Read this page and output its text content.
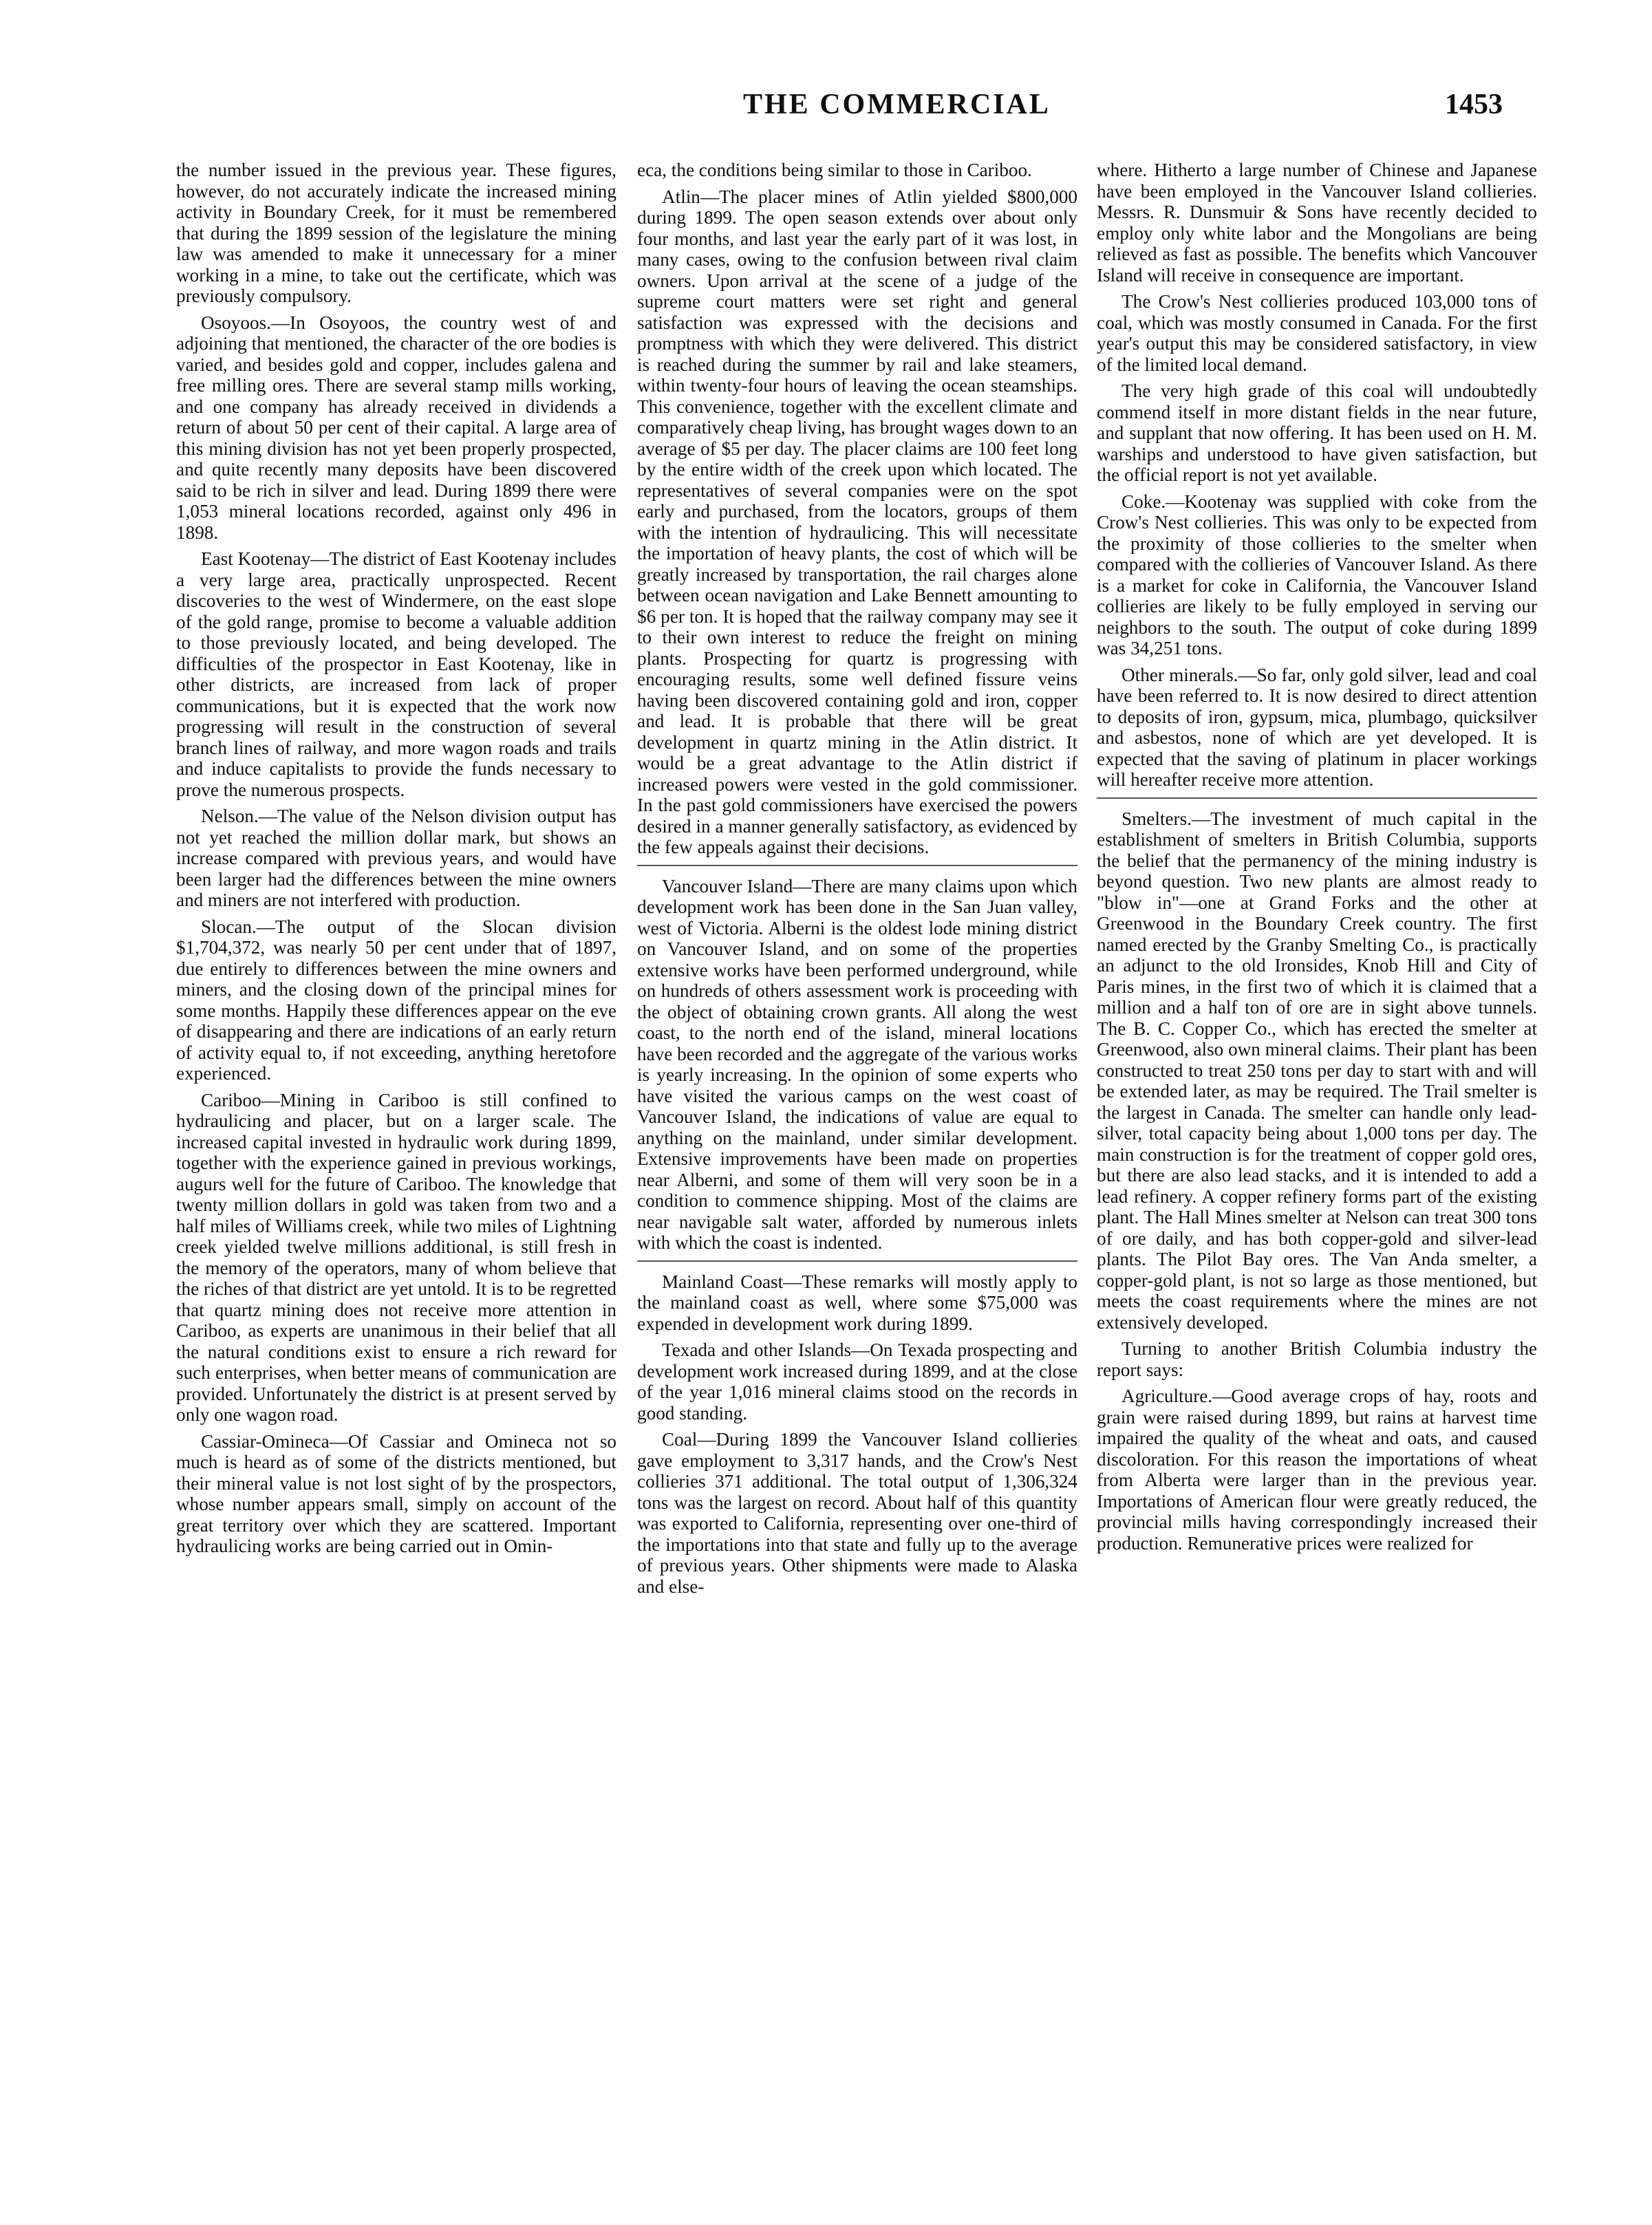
THE COMMERCIAL	1453

the number issued in the previous year. These figures, however, do not accurately indicate the increased mining activity in Boundary Creek, for it must be remembered that during the 1899 session of the legislature the mining law was amended to make it unnecessary for a miner working in a mine, to take out the certificate, which was previously compulsory.

Osoyoos.—In Osoyoos, the country west of and adjoining that mentioned, the character of the ore bodies is varied, and besides gold and copper, includes galena and free milling ores. There are several stamp mills working, and one company has already received in dividends a return of about 50 per cent of their capital. A large area of this mining division has not yet been properly prospected, and quite recently many deposits have been discovered said to be rich in silver and lead. During 1899 there were 1,053 mineral locations recorded, against only 496 in 1898.

East Kootenay—The district of East Kootenay includes a very large area, practically unprospected. Recent discoveries to the west of Windermere, on the east slope of the gold range, promise to become a valuable addition to those previously located, and being developed. The difficulties of the prospector in East Kootenay, like in other districts, are increased from lack of proper communications, but it is expected that the work now progressing will result in the construction of several branch lines of railway, and more wagon roads and trails and induce capitalists to provide the funds necessary to prove the numerous prospects.

Nelson.—The value of the Nelson division output has not yet reached the million dollar mark, but shows an increase compared with previous years, and would have been larger had the differences between the mine owners and miners are not interfered with production.

Slocan.—The output of the Slocan division $1,704,372, was nearly 50 per cent under that of 1897, due entirely to differences between the mine owners and miners, and the closing down of the principal mines for some months. Happily these differences appear on the eve of disappearing and there are indications of an early return of activity equal to, if not exceeding, anything heretofore experienced.

Cariboo—Mining in Cariboo is still confined to hydraulicing and placer, but on a larger scale. The increased capital invested in hydraulic work during 1899, together with the experience gained in previous workings, augurs well for the future of Cariboo. The knowledge that twenty million dollars in gold was taken from two and a half miles of Williams creek, while two miles of Lightning creek yielded twelve millions additional, is still fresh in the memory of the operators, many of whom believe that the riches of that district are yet untold. It is to be regretted that quartz mining does not receive more attention in Cariboo, as experts are unanimous in their belief that all the natural conditions exist to ensure a rich reward for such enterprises, when better means of communication are provided. Unfortunately the district is at present served by only one wagon road.

Cassiar-Omineca—Of Cassiar and Omineca not so much is heard as of some of the districts mentioned, but their mineral value is not lost sight of by the prospectors, whose number appears small, simply on account of the great territory over which they are scattered. Important hydraulicing works are being carried out in Omin-

eca, the conditions being similar to those in Cariboo.

Atlin—The placer mines of Atlin yielded $800,000 during 1899. The open season extends over about only four months, and last year the early part of it was lost, in many cases, owing to the confusion between rival claim owners. Upon arrival at the scene of a judge of the supreme court matters were set right and general satisfaction was expressed with the decisions and promptness with which they were delivered. This district is reached during the summer by rail and lake steamers, within twenty-four hours of leaving the ocean steamships. This convenience, together with the excellent climate and comparatively cheap living, has brought wages down to an average of $5 per day. The placer claims are 100 feet long by the entire width of the creek upon which located. The representatives of several companies were on the spot early and purchased, from the locators, groups of them with the intention of hydraulicing. This will necessitate the importation of heavy plants, the cost of which will be greatly increased by transportation, the rail charges alone between ocean navigation and Lake Bennett amounting to $6 per ton. It is hoped that the railway company may see it to their own interest to reduce the freight on mining plants. Prospecting for quartz is progressing with encouraging results, some well defined fissure veins having been discovered containing gold and iron, copper and lead. It is probable that there will be great development in quartz mining in the Atlin district. It would be a great advantage to the Atlin district if increased powers were vested in the gold commissioner. In the past gold commissioners have exercised the powers desired in a manner generally satisfactory, as evidenced by the few appeals against their decisions.

Vancouver Island—There are many claims upon which development work has been done in the San Juan valley, west of Victoria. Alberni is the oldest lode mining district on Vancouver Island, and on some of the properties extensive works have been performed underground, while on hundreds of others assessment work is proceeding with the object of obtaining crown grants. All along the west coast, to the north end of the island, mineral locations have been recorded and the aggregate of the various works is yearly increasing. In the opinion of some experts who have visited the various camps on the west coast of Vancouver Island, the indications of value are equal to anything on the mainland, under similar development. Extensive improvements have been made on properties near Alberni, and some of them will very soon be in a condition to commence shipping. Most of the claims are near navigable salt water, afforded by numerous inlets with which the coast is indented.

Mainland Coast—These remarks will mostly apply to the mainland coast as well, where some $75,000 was expended in development work during 1899.

Texada and other Islands—On Texada prospecting and development work increased during 1899, and at the close of the year 1,016 mineral claims stood on the records in good standing.

Coal—During 1899 the Vancouver Island collieries gave employment to 3,317 hands, and the Crow's Nest collieries 371 additional. The total output of 1,306,324 tons was the largest on record. About half of this quantity was exported to California, representing over one-third of the importations into that state and fully up to the average of previous years. Other shipments were made to Alaska and else-

where. Hitherto a large number of Chinese and Japanese have been employed in the Vancouver Island collieries. Messrs. R. Dunsmuir & Sons have recently decided to employ only white labor and the Mongolians are being relieved as fast as possible. The benefits which Vancouver Island will receive in consequence are important.

The Crow's Nest collieries produced 103,000 tons of coal, which was mostly consumed in Canada. For the first year's output this may be considered satisfactory, in view of the limited local demand.

The very high grade of this coal will undoubtedly commend itself in more distant fields in the near future, and supplant that now offering. It has been used on H. M. warships and understood to have given satisfaction, but the official report is not yet available.

Coke.—Kootenay was supplied with coke from the Crow's Nest collieries. This was only to be expected from the proximity of those collieries to the smelter when compared with the collieries of Vancouver Island. As there is a market for coke in California, the Vancouver Island collieries are likely to be fully employed in serving our neighbors to the south. The output of coke during 1899 was 34,251 tons.

Other minerals.—So far, only gold silver, lead and coal have been referred to. It is now desired to direct attention to deposits of iron, gypsum, mica, plumbago, quicksilver and asbestos, none of which are yet developed. It is expected that the saving of platinum in placer workings will hereafter receive more attention.

Smelters.—The investment of much capital in the establishment of smelters in British Columbia, supports the belief that the permanency of the mining industry is beyond question. Two new plants are almost ready to "blow in"—one at Grand Forks and the other at Greenwood in the Boundary Creek country. The first named erected by the Granby Smelting Co., is practically an adjunct to the old Ironsides, Knob Hill and City of Paris mines, in the first two of which it is claimed that a million and a half ton of ore are in sight above tunnels. The B. C. Copper Co., which has erected the smelter at Greenwood, also own mineral claims. Their plant has been constructed to treat 250 tons per day to start with and will be extended later, as may be required. The Trail smelter is the largest in Canada. The smelter can handle only lead-silver, total capacity being about 1,000 tons per day. The main construction is for the treatment of copper gold ores, but there are also lead stacks, and it is intended to add a lead refinery. A copper refinery forms part of the existing plant. The Hall Mines smelter at Nelson can treat 300 tons of ore daily, and has both copper-gold and silver-lead plants. The Pilot Bay ores. The Van Anda smelter, a copper-gold plant, is not so large as those mentioned, but meets the coast requirements where the mines are not extensively developed.

Turning to another British Columbia industry the report says:

Agriculture.—Good average crops of hay, roots and grain were raised during 1899, but rains at harvest time impaired the quality of the wheat and oats, and caused discoloration. For this reason the importations of wheat from Alberta were larger than in the previous year. Importations of American flour were greatly reduced, the provincial mills having correspondingly increased their production. Remunerative prices were realized for
